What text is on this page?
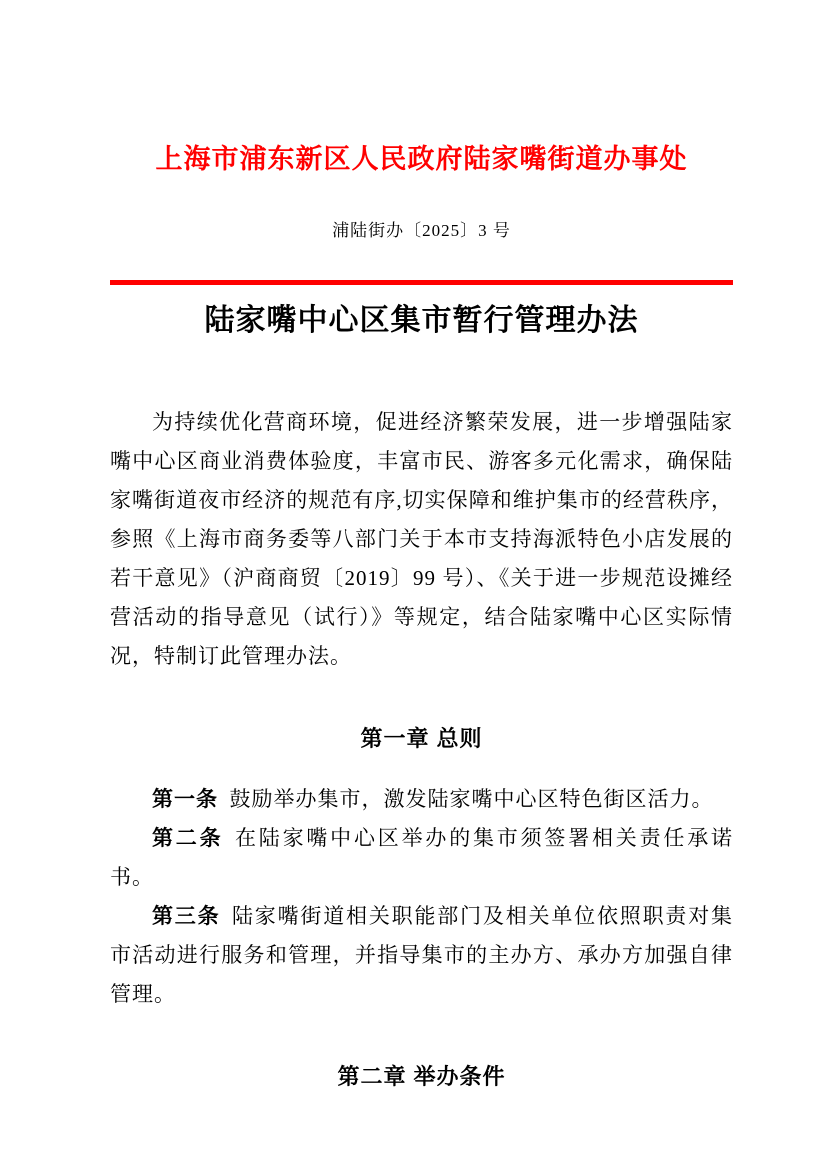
上海市浦东新区人民政府陆家嘴街道办事处
浦陆街办〔2025〕3 号
陆家嘴中心区集市暂行管理办法

为持续优化营商环境，促进经济繁荣发展，进一步增强陆家嘴中心区商业消费体验度，丰富市民、游客多元化需求，确保陆家嘴街道夜市经济的规范有序,切实保障和维护集市的经营秩序，参照《上海市商务委等八部门关于本市支持海派特色小店发展的若干意见》（沪商商贸〔2019〕99 号）、《关于进一步规范设摊经营活动的指导意见（试行）》等规定，结合陆家嘴中心区实际情况，特制订此管理办法。

第一章 总则

第一条 鼓励举办集市，激发陆家嘴中心区特色街区活力。

第二条 在陆家嘴中心区举办的集市须签署相关责任承诺书。

第三条 陆家嘴街道相关职能部门及相关单位依照职责对集市活动进行服务和管理，并指导集市的主办方、承办方加强自律管理。

第二章 举办条件
